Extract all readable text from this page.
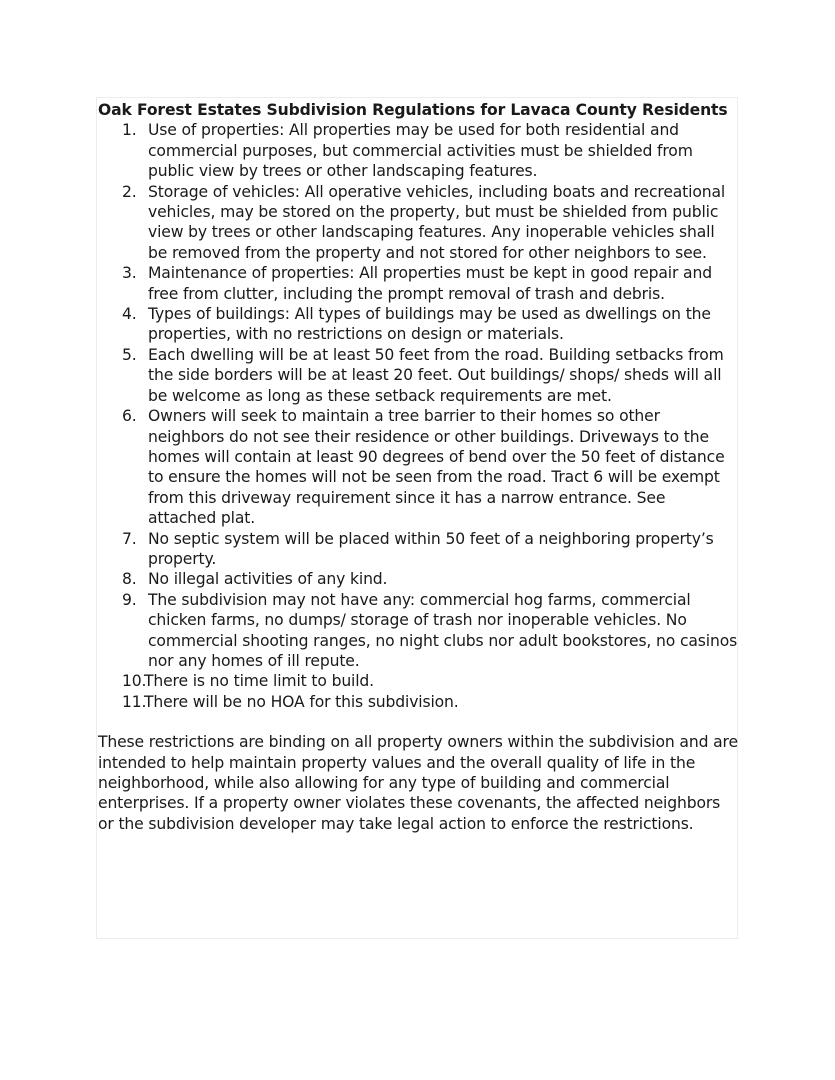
Oak Forest Estates Subdivision Regulations for Lavaca County Residents

1. Use of properties: All properties may be used for both residential and commercial purposes, but commercial activities must be shielded from public view by trees or other landscaping features.
2. Storage of vehicles: All operative vehicles, including boats and recreational vehicles, may be stored on the property, but must be shielded from public view by trees or other landscaping features. Any inoperable vehicles shall be removed from the property and not stored for other neighbors to see.
3. Maintenance of properties: All properties must be kept in good repair and free from clutter, including the prompt removal of trash and debris.
4. Types of buildings: All types of buildings may be used as dwellings on the properties, with no restrictions on design or materials.
5. Each dwelling will be at least 50 feet from the road. Building setbacks from the side borders will be at least 20 feet. Out buildings/ shops/ sheds will all be welcome as long as these setback requirements are met.
6. Owners will seek to maintain a tree barrier to their homes so other neighbors do not see their residence or other buildings. Driveways to the homes will contain at least 90 degrees of bend over the 50 feet of distance to ensure the homes will not be seen from the road. Tract 6 will be exempt from this driveway requirement since it has a narrow entrance. See attached plat.
7. No septic system will be placed within 50 feet of a neighboring property’s property.
8. No illegal activities of any kind.
9. The subdivision may not have any: commercial hog farms, commercial chicken farms, no dumps/ storage of trash nor inoperable vehicles. No commercial shooting ranges, no night clubs nor adult bookstores, no casinos nor any homes of ill repute.
10.
There is no time limit to build.
11.
There will be no HOA for this subdivision.

These restrictions are binding on all property owners within the subdivision and are intended to help maintain property values and the overall quality of life in the neighborhood, while also allowing for any type of building and commercial enterprises. If a property owner violates these covenants, the affected neighbors or the subdivision developer may take legal action to enforce the restrictions.
